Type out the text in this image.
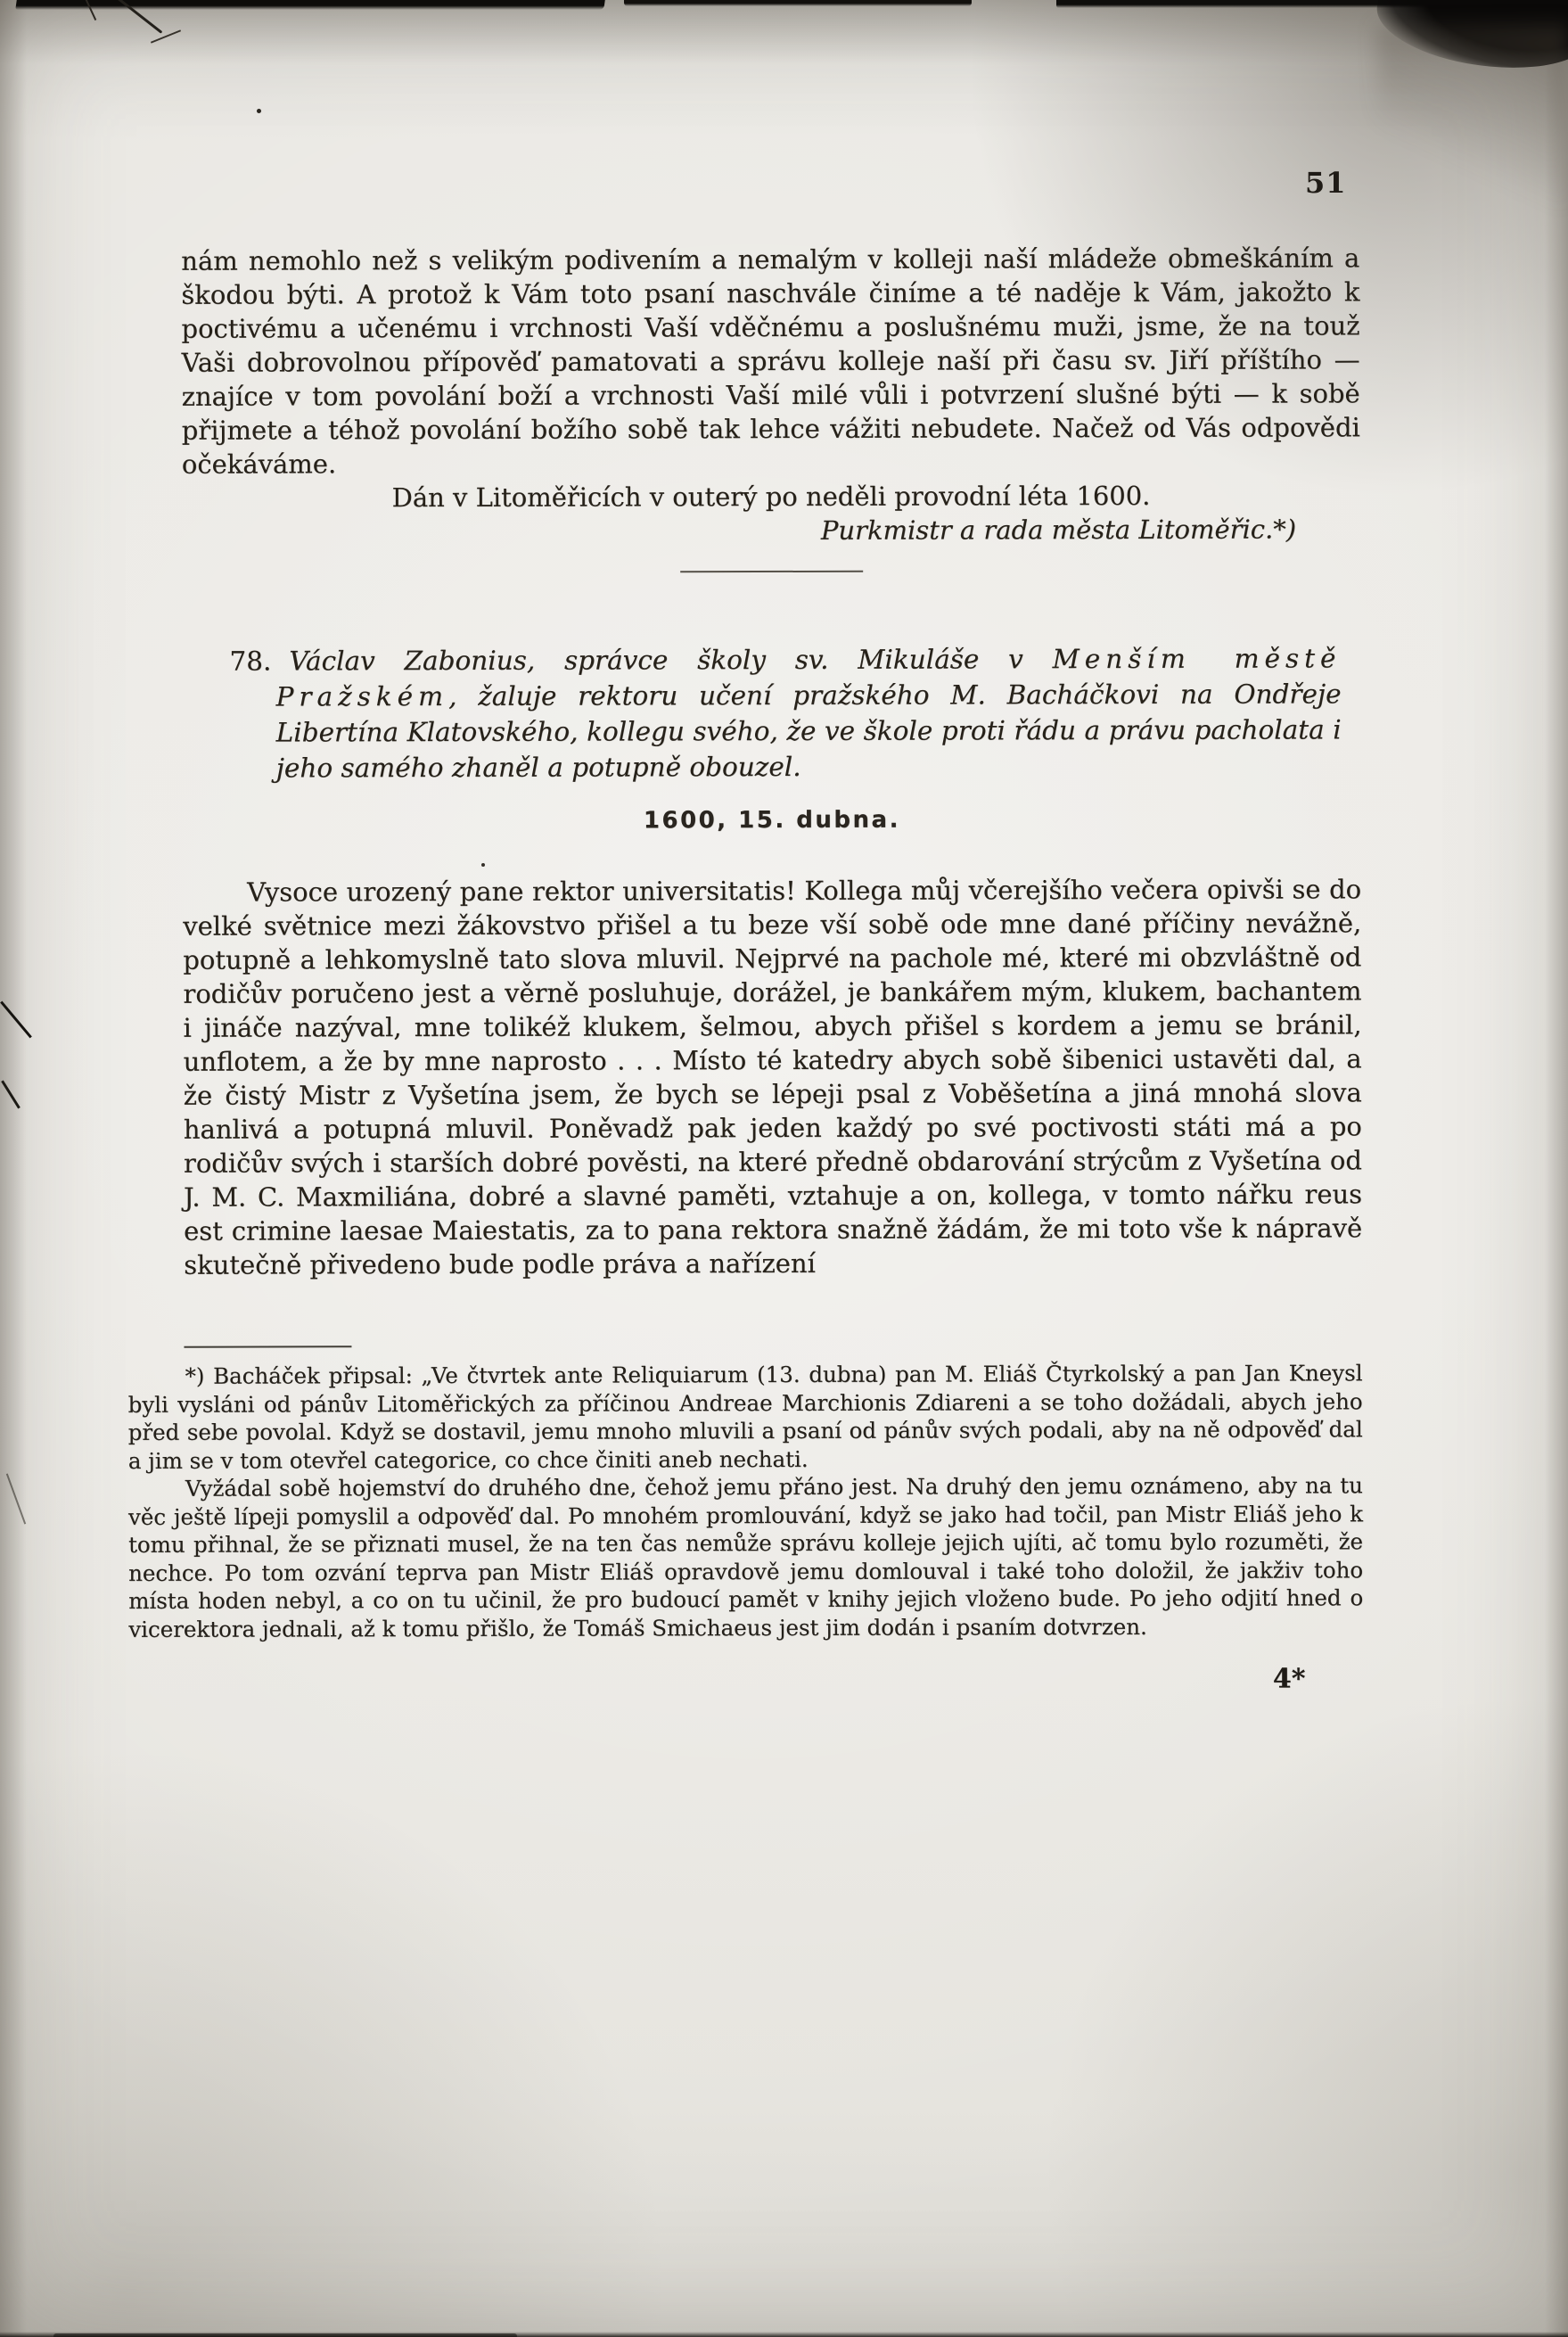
51

nám nemohlo než s velikým podivením a nemalým v kolleji naší mládeže obmeškáním a škodou býti. A protož k Vám toto psaní naschvále činíme a té naděje k Vám, jakožto k poctivému a učenému i vrchnosti Vaší vděčnému a poslušnému muži, jsme, že na touž Vaši dobrovolnou přípověď pamatovati a správu kolleje naší při času sv. Jiří příštího — znajíce v tom povolání boží a vrchnosti Vaší milé vůli i potvrzení slušné býti — k sobě přijmete a téhož povolání božího sobě tak lehce vážiti nebudete. Načež od Vás odpovědi očekáváme.

Dán v Litoměřicích v outerý po neděli provodní léta 1600.

Purkmistr a rada města Litoměřic.*)

78. Václav Zabonius, správce školy sv. Mikuláše v Menším městě Pražském, žaluje rektoru učení pražského M. Bacháčkovi na Ondřeje Libertína Klatovského, kollegu svého, že ve škole proti řádu a právu pacholata i jeho samého zhaněl a potupně obouzel.

1600, 15. dubna.

Vysoce urozený pane rektor universitatis! Kollega můj včerejšího večera opivši se do velké světnice mezi žákovstvo přišel a tu beze vší sobě ode mne dané příčiny nevážně, potupně a lehkomyslně tato slova mluvil. Nejprvé na pachole mé, které mi obzvláštně od rodičův poručeno jest a věrně posluhuje, dorážel, je bankářem mým, klukem, bachantem i jináče nazýval, mne tolikéž klukem, šelmou, abych přišel s kordem a jemu se bránil, unflotem, a že by mne naprosto . . . Místo té katedry abych sobě šibenici ustavěti dal, a že čistý Mistr z Vyšetína jsem, že bych se lépeji psal z Voběšetína a jiná mnohá slova hanlivá a potupná mluvil. Poněvadž pak jeden každý po své poctivosti státi má a po rodičův svých i starších dobré pověsti, na které předně obdarování strýcům z Vyšetína od J. M. C. Maxmiliána, dobré a slavné paměti, vztahuje a on, kollega, v tomto nářku reus est crimine laesae Maiestatis, za to pana rektora snažně žádám, že mi toto vše k nápravě skutečně přivedeno bude podle práva a nařízení

*) Bacháček připsal: „Ve čtvrtek ante Reliquiarum (13. dubna) pan M. Eliáš Čtyrkolský a pan Jan Kneysl byli vysláni od pánův Litoměřických za příčinou Andreae Marchionis Zdiareni a se toho dožádali, abych jeho před sebe povolal. Když se dostavil, jemu mnoho mluvili a psaní od pánův svých podali, aby na ně odpověď dal a jim se v tom otevřel categorice, co chce činiti aneb nechati.

Vyžádal sobě hojemství do druhého dne, čehož jemu přáno jest. Na druhý den jemu oznámeno, aby na tu věc ještě lípeji pomyslil a odpověď dal. Po mnohém promlouvání, když se jako had točil, pan Mistr Eliáš jeho k tomu přihnal, že se přiznati musel, že na ten čas nemůže správu kolleje jejich ujíti, ač tomu bylo rozuměti, že nechce. Po tom ozvání teprva pan Mistr Eliáš opravdově jemu domlouval i také toho doložil, že jakživ toho místa hoden nebyl, a co on tu učinil, že pro budoucí pamět v knihy jejich vloženo bude. Po jeho odjití hned o vicerektora jednali, až k tomu přišlo, že Tomáš Smichaeus jest jim dodán i psaním dotvrzen.

4*
